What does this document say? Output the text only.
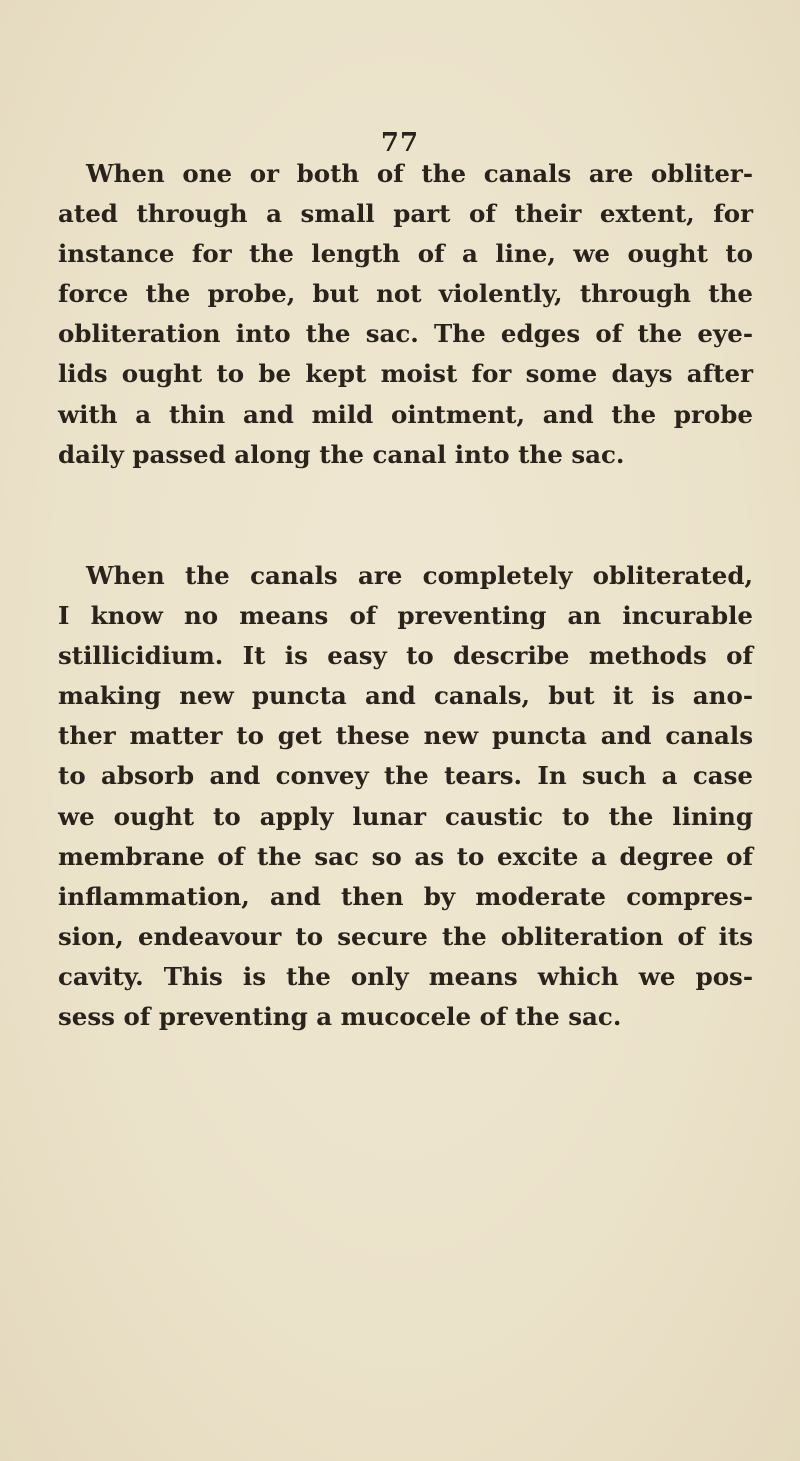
77
When one or both of the canals are obliter-
ated through a small part of their extent, for
instance for the length of a line, we ought to
force the probe, but not violently, through the
obliteration into the sac. The edges of the eye-
lids ought to be kept moist for some days after
with a thin and mild ointment, and the probe
daily passed along the canal into the sac.
When the canals are completely obliterated,
I know no means of preventing an incurable
stillicidium. It is easy to describe methods of
making new puncta and canals, but it is ano-
ther matter to get these new puncta and canals
to absorb and convey the tears. In such a case
we ought to apply lunar caustic to the lining
membrane of the sac so as to excite a degree of
inflammation, and then by moderate compres-
sion, endeavour to secure the obliteration of its
cavity. This is the only means which we pos-
sess of preventing a mucocele of the sac.
